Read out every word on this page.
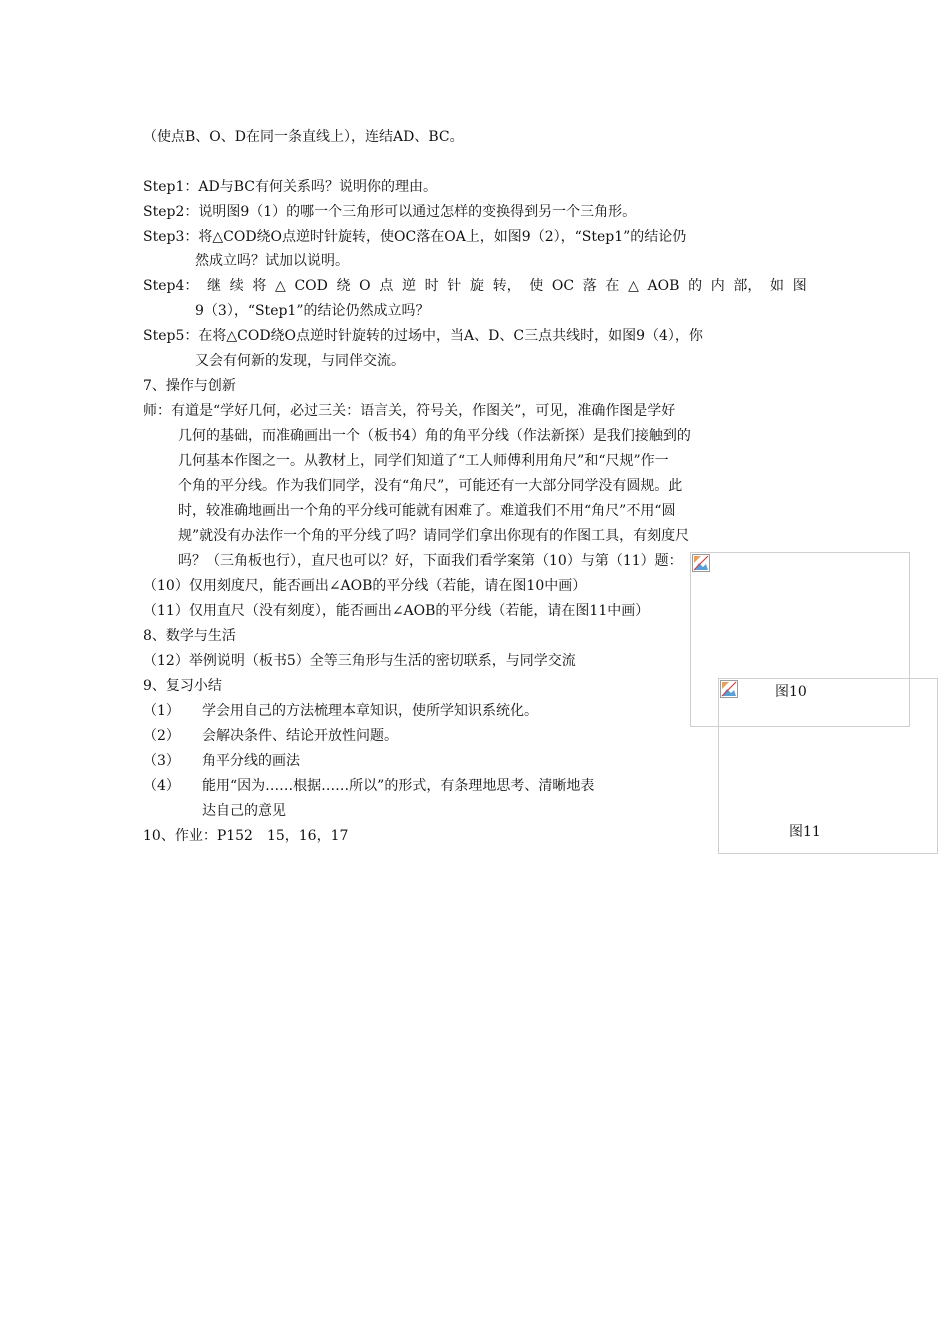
（使点B、O、D在同一条直线上），连结AD、BC。
Step1：AD与BC有何关系吗？说明你的理由。
Step2：说明图9（1）的哪一个三角形可以通过怎样的变换得到另一个三角形。
Step3：将△COD绕O点逆时针旋转，使OC落在OA上，如图9（2），“Step1”的结论仍
然成立吗？试加以说明。
Step4： 继 续 将 △ COD 绕 O 点 逆 时 针 旋 转， 使 OC 落 在 △ AOB 的 内 部， 如 图
9（3），“Step1”的结论仍然成立吗？
Step5：在将△COD绕O点逆时针旋转的过场中，当A、D、C三点共线时，如图9（4），你
又会有何新的发现，与同伴交流。
7、操作与创新
师：有道是“学好几何，必过三关：语言关，符号关，作图关”，可见，准确作图是学好
几何的基础，而准确画出一个（板书4）角的角平分线（作法新探）是我们接触到的
几何基本作图之一。从教材上，同学们知道了“工人师傅利用角尺”和“尺规”作一
个角的平分线。作为我们同学，没有“角尺”，可能还有一大部分同学没有圆规。此
时，较准确地画出一个角的平分线可能就有困难了。难道我们不用“角尺”不用“圆
规”就没有办法作一个角的平分线了吗？请同学们拿出你现有的作图工具，有刻度尺
吗？（三角板也行），直尺也可以？好，下面我们看学案第（10）与第（11）题：
（10）仅用刻度尺，能否画出∠AOB的平分线（若能，请在图10中画）
（11）仅用直尺（没有刻度），能否画出∠AOB的平分线（若能，请在图11中画）
8、数学与生活
（12）举例说明（板书5）全等三角形与生活的密切联系，与同学交流
9、复习小结
（1） 学会用自己的方法梳理本章知识，使所学知识系统化。
（2） 会解决条件、结论开放性问题。
（3） 角平分线的画法
（4） 能用“因为……根据……所以”的形式，有条理地思考、清晰地表
达自己的意见
10、作业：P152　15，16，17
图10
图11
